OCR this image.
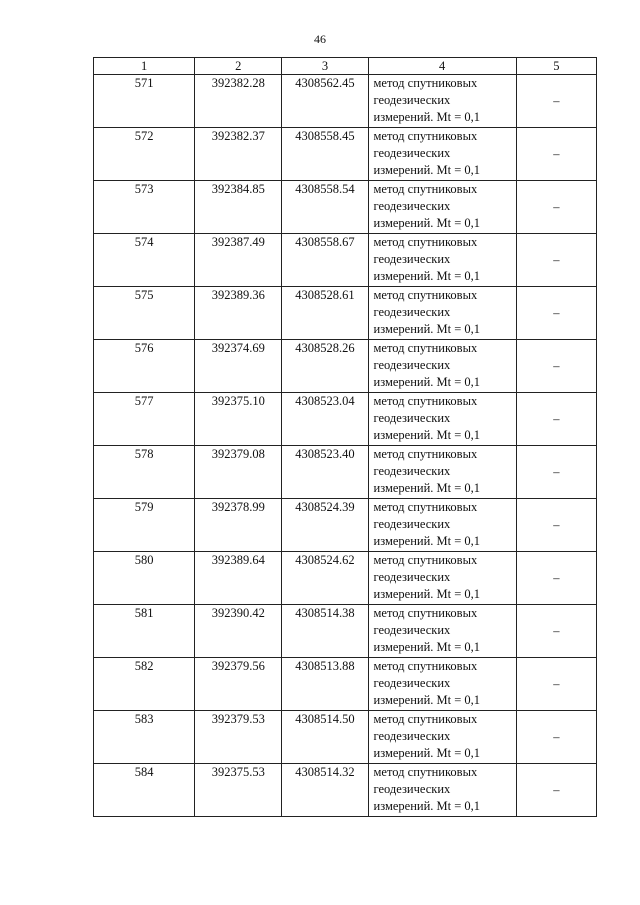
46
1	2	3	4	5
571	392382.28	4308562.45	метод спутниковых
геодезических
измерений. Mt = 0,1	–
572	392382.37	4308558.45	метод спутниковых
геодезических
измерений. Mt = 0,1	–
573	392384.85	4308558.54	метод спутниковых
геодезических
измерений. Mt = 0,1	–
574	392387.49	4308558.67	метод спутниковых
геодезических
измерений. Mt = 0,1	–
575	392389.36	4308528.61	метод спутниковых
геодезических
измерений. Mt = 0,1	–
576	392374.69	4308528.26	метод спутниковых
геодезических
измерений. Mt = 0,1	–
577	392375.10	4308523.04	метод спутниковых
геодезических
измерений. Mt = 0,1	–
578	392379.08	4308523.40	метод спутниковых
геодезических
измерений. Mt = 0,1	–
579	392378.99	4308524.39	метод спутниковых
геодезических
измерений. Mt = 0,1	–
580	392389.64	4308524.62	метод спутниковых
геодезических
измерений. Mt = 0,1	–
581	392390.42	4308514.38	метод спутниковых
геодезических
измерений. Mt = 0,1	–
582	392379.56	4308513.88	метод спутниковых
геодезических
измерений. Mt = 0,1	–
583	392379.53	4308514.50	метод спутниковых
геодезических
измерений. Mt = 0,1	–
584	392375.53	4308514.32	метод спутниковых
геодезических
измерений. Mt = 0,1	–
